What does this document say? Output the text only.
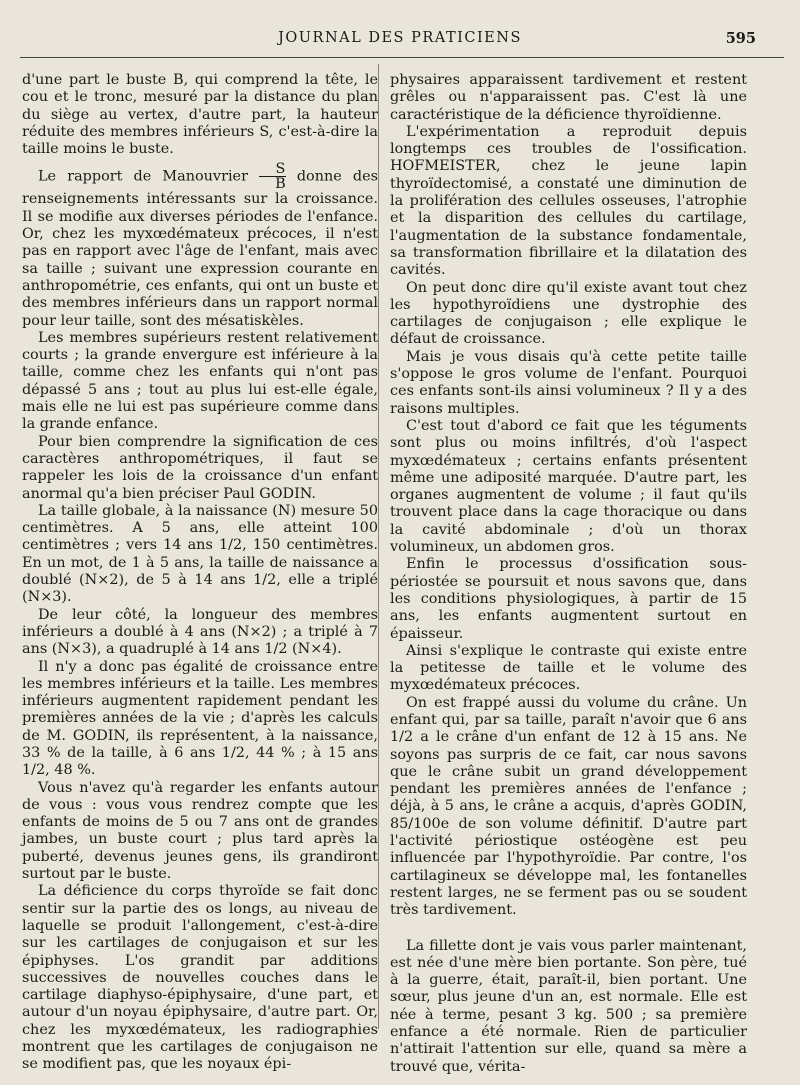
JOURNAL DES PRATICIENS	595

d'une part le buste B, qui comprend la tête, le cou et le tronc, mesuré par la distance du plan du siège au vertex, d'autre part, la hauteur réduite des membres inférieurs S, c'est-à-dire la taille moins le buste.

Le rapport de Manouvrier $\frac{S}{B}$ donne des renseignements intéressants sur la croissance. Il se modifie aux diverses périodes de l'enfance. Or, chez les myxœdémateux précoces, il n'est pas en rapport avec l'âge de l'enfant, mais avec sa taille ; suivant une expression courante en anthropométrie, ces enfants, qui ont un buste et des membres inférieurs dans un rapport normal pour leur taille, sont des mésatiskèles.

Les membres supérieurs restent relativement courts ; la grande envergure est inférieure à la taille, comme chez les enfants qui n'ont pas dépassé 5 ans ; tout au plus lui est-elle égale, mais elle ne lui est pas supérieure comme dans la grande enfance.

Pour bien comprendre la signification de ces caractères anthropométriques, il faut se rappeler les lois de la croissance d'un enfant anormal qu'a bien préciser Paul GODIN.

La taille globale, à la naissance (N) mesure 50 centimètres. A 5 ans, elle atteint 100 centimètres ; vers 14 ans 1/2, 150 centimètres. En un mot, de 1 à 5 ans, la taille de naissance a doublé (N×2), de 5 à 14 ans 1/2, elle a triplé (N×3).

De leur côté, la longueur des membres inférieurs a doublé à 4 ans (N×2) ; a triplé à 7 ans (N×3), a quadruplé à 14 ans 1/2 (N×4).

Il n'y a donc pas égalité de croissance entre les membres inférieurs et la taille. Les membres inférieurs augmentent rapidement pendant les premières années de la vie ; d'après les calculs de M. GODIN, ils représentent, à la naissance, 33 % de la taille, à 6 ans 1/2, 44 % ; à 15 ans 1/2, 48 %.

Vous n'avez qu'à regarder les enfants autour de vous : vous vous rendrez compte que les enfants de moins de 5 ou 7 ans ont de grandes jambes, un buste court ; plus tard après la puberté, devenus jeunes gens, ils grandiront surtout par le buste.

La déficience du corps thyroïde se fait donc sentir sur la partie des os longs, au niveau de laquelle se produit l'allongement, c'est-à-dire sur les cartilages de conjugaison et sur les épiphyses. L'os grandit par additions successives de nouvelles couches dans le cartilage diaphyso-épiphysaire, d'une part, et autour d'un noyau épiphysaire, d'autre part. Or, chez les myxœdémateux, les radiographies montrent que les cartilages de conjugaison ne se modifient pas, que les noyaux épi-

physaires apparaissent tardivement et restent grêles ou n'apparaissent pas. C'est là une caractéristique de la déficience thyroïdienne.

L'expérimentation a reproduit depuis longtemps ces troubles de l'ossification. HOFMEISTER, chez le jeune lapin thyroïdectomisé, a constaté une diminution de la prolifération des cellules osseuses, l'atrophie et la disparition des cellules du cartilage, l'augmentation de la substance fondamentale, sa transformation fibrillaire et la dilatation des cavités.

On peut donc dire qu'il existe avant tout chez les hypothyroïdiens une dystrophie des cartilages de conjugaison ; elle explique le défaut de croissance.

Mais je vous disais qu'à cette petite taille s'oppose le gros volume de l'enfant. Pourquoi ces enfants sont-ils ainsi volumineux ? Il y a des raisons multiples.

C'est tout d'abord ce fait que les téguments sont plus ou moins infiltrés, d'où l'aspect myxœdémateux ; certains enfants présentent même une adiposité marquée. D'autre part, les organes augmentent de volume ; il faut qu'ils trouvent place dans la cage thoracique ou dans la cavité abdominale ; d'où un thorax volumineux, un abdomen gros.

Enfin le processus d'ossification sous-périostée se poursuit et nous savons que, dans les conditions physiologiques, à partir de 15 ans, les enfants augmentent surtout en épaisseur.

Ainsi s'explique le contraste qui existe entre la petitesse de taille et le volume des myxœdémateux précoces.

On est frappé aussi du volume du crâne. Un enfant qui, par sa taille, paraît n'avoir que 6 ans 1/2 a le crâne d'un enfant de 12 à 15 ans. Ne soyons pas surpris de ce fait, car nous savons que le crâne subit un grand développement pendant les premières années de l'enfance ; déjà, à 5 ans, le crâne a acquis, d'après GODIN, 85/100e de son volume définitif. D'autre part l'activité périostique ostéogène est peu influencée par l'hypothyroïdie. Par contre, l'os cartilagineux se développe mal, les fontanelles restent larges, ne se ferment pas ou se soudent très tardivement.

La fillette dont je vais vous parler maintenant, est née d'une mère bien portante. Son père, tué à la guerre, était, paraît-il, bien portant. Une sœur, plus jeune d'un an, est normale. Elle est née à terme, pesant 3 kg. 500 ; sa première enfance a été normale. Rien de particulier n'attirait l'attention sur elle, quand sa mère a trouvé que, vérita-
